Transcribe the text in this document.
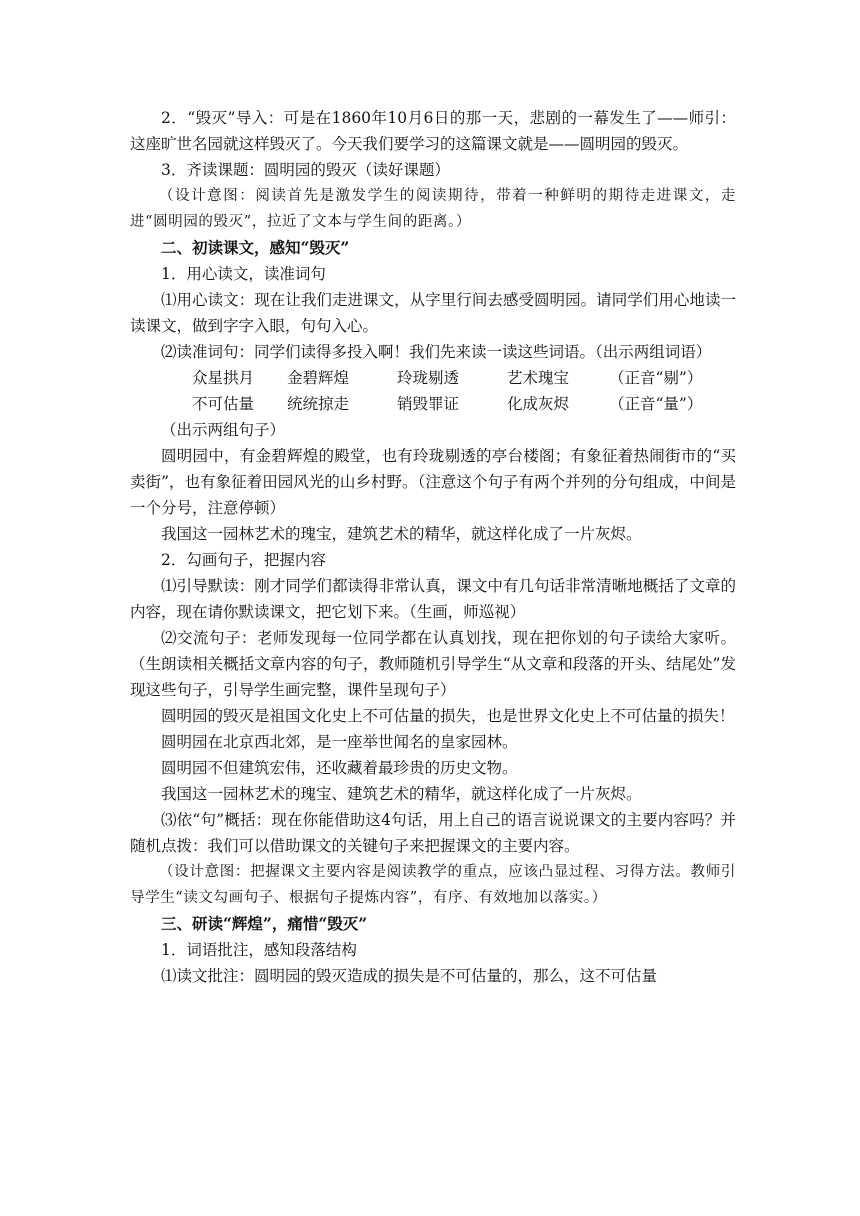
2．“毁灭”导入：可是在1860年10月6日的那一天，悲剧的一幕发生了——师引：这座旷世名园就这样毁灭了。今天我们要学习的这篇课文就是——圆明园的毁灭。

3．齐读课题：圆明园的毁灭（读好课题）

（设计意图：阅读首先是激发学生的阅读期待，带着一种鲜明的期待走进课文，走进“圆明园的毁灭”，拉近了文本与学生间的距离。）

二、初读课文，感知“毁灭”

1．用心读文，读准词句

⑴用心读文：现在让我们走进课文，从字里行间去感受圆明园。请同学们用心地读一读课文，做到字字入眼，句句入心。

⑵读准词句：同学们读得多投入啊！我们先来读一读这些词语。（出示两组词语）

众星拱月 金碧辉煌	玲珑剔透	艺术瑰宝	（正音“剔”）

不可估量 统统掠走	销毁罪证	化成灰烬	（正音“量”）

（出示两组句子）

圆明园中，有金碧辉煌的殿堂，也有玲珑剔透的亭台楼阁；有象征着热闹街市的“买卖街”，也有象征着田园风光的山乡村野。（注意这个句子有两个并列的分句组成，中间是一个分号，注意停顿）

我国这一园林艺术的瑰宝，建筑艺术的精华，就这样化成了一片灰烬。

2．勾画句子，把握内容

⑴引导默读：刚才同学们都读得非常认真，课文中有几句话非常清晰地概括了文章的内容，现在请你默读课文，把它划下来。（生画，师巡视）

⑵交流句子：老师发现每一位同学都在认真划找，现在把你划的句子读给大家听。（生朗读相关概括文章内容的句子，教师随机引导学生“从文章和段落的开头、结尾处”发现这些句子，引导学生画完整，课件呈现句子）

圆明园的毁灭是祖国文化史上不可估量的损失，也是世界文化史上不可估量的损失！

圆明园在北京西北郊，是一座举世闻名的皇家园林。

圆明园不但建筑宏伟，还收藏着最珍贵的历史文物。

我国这一园林艺术的瑰宝、建筑艺术的精华，就这样化成了一片灰烬。

⑶依“句”概括：现在你能借助这4句话，用上自己的语言说说课文的主要内容吗？并随机点拨：我们可以借助课文的关键句子来把握课文的主要内容。

（设计意图：把握课文主要内容是阅读教学的重点，应该凸显过程、习得方法。教师引导学生“读文勾画句子、根据句子提炼内容”，有序、有效地加以落实。）

三、研读“辉煌”，痛惜“毁灭”

1．词语批注，感知段落结构

⑴读文批注：圆明园的毁灭造成的损失是不可估量的，那么，这不可估量
